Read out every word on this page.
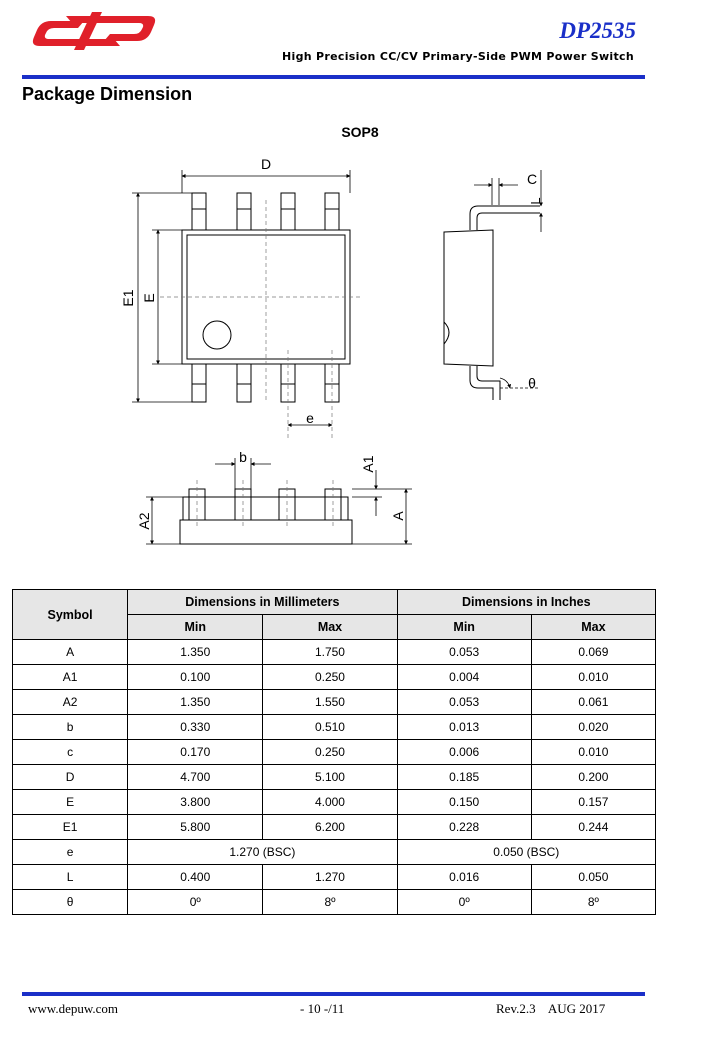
DP2535
High Precision CC/CV Primary-Side PWM Power Switch
Package Dimension
SOP8
D
E1 E
e
C
L
θ
b	A1
A
A2
Symbol	Dimensions in Millimeters		Dimensions in Inches	
	Min	Max	Min	Max
A	1.350	1.750	0.053	0.069
A1	0.100	0.250	0.004	0.010
A2	1.350	1.550	0.053	0.061
b	0.330	0.510	0.013	0.020
c	0.170	0.250	0.006	0.010
D	4.700	5.100	0.185	0.200
E	3.800	4.000	0.150	0.157
E1	5.800	6.200	0.228	0.244
e	1.270 (BSC)		0.050 (BSC)	
L	0.400	1.270	0.016	0.050
θ	0º	8º	0º	8º
www.depuw.com	- 10 -/11	Rev.2.3    AUG 2017
